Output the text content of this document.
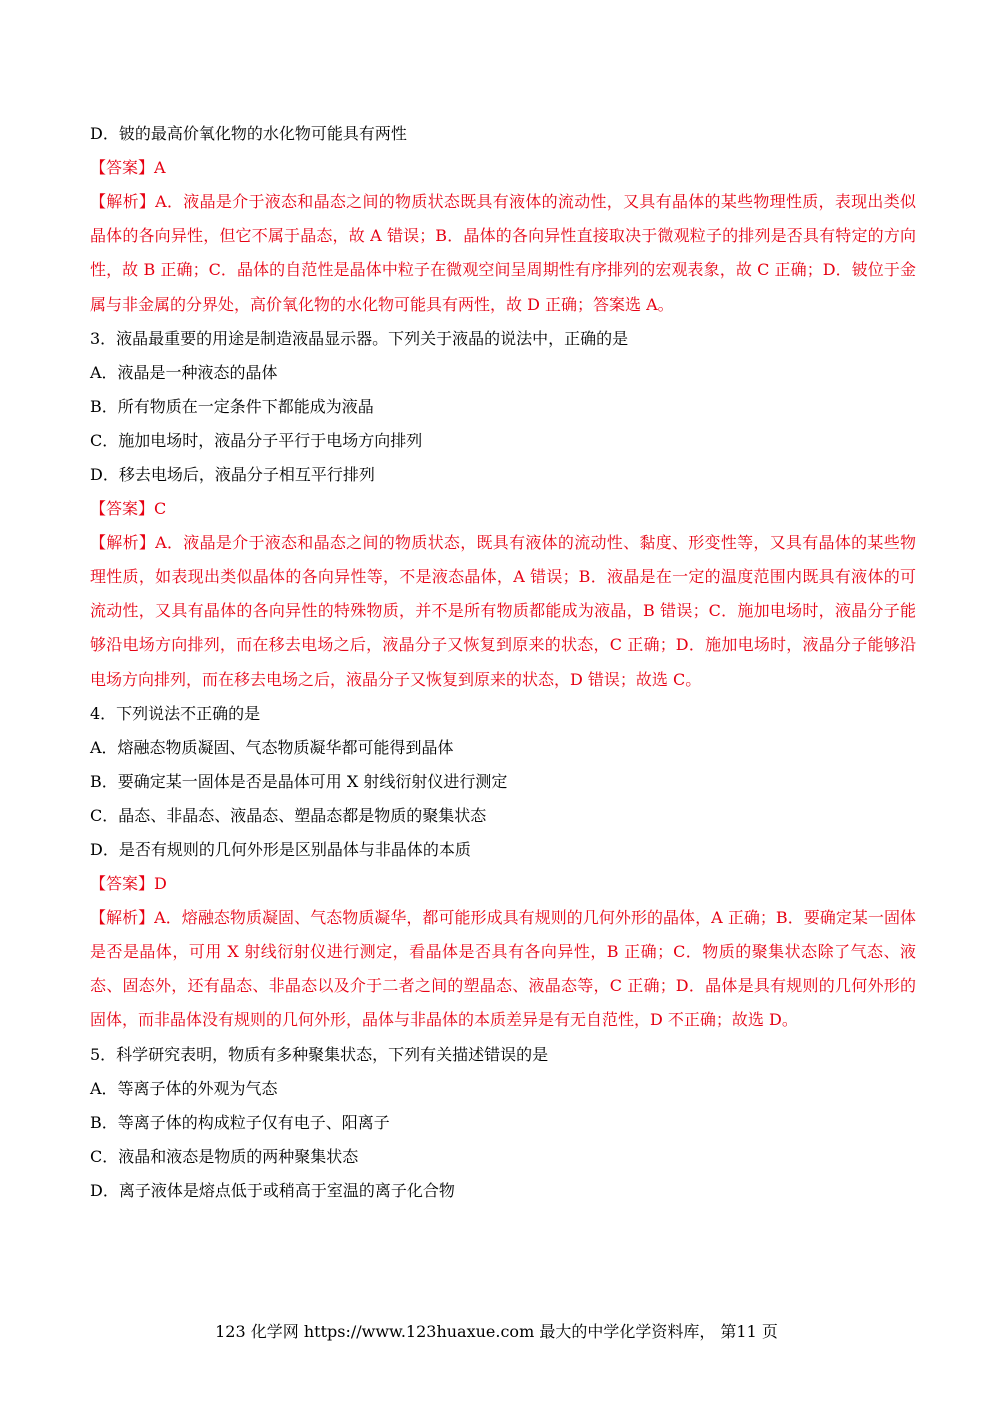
D．铍的最高价氧化物的水化物可能具有两性
【答案】A
【解析】A．液晶是介于液态和晶态之间的物质状态既具有液体的流动性，又具有晶体的某些物理性质，表现出类似晶体的各向异性，但它不属于晶态，故 A 错误；B．晶体的各向异性直接取决于微观粒子的排列是否具有特定的方向性，故 B 正确；C．晶体的自范性是晶体中粒子在微观空间呈周期性有序排列的宏观表象，故 C 正确；D．铍位于金属与非金属的分界处，高价氧化物的水化物可能具有两性，故 D 正确；答案选 A。
3．液晶最重要的用途是制造液晶显示器。下列关于液晶的说法中，正确的是
A．液晶是一种液态的晶体
B．所有物质在一定条件下都能成为液晶
C．施加电场时，液晶分子平行于电场方向排列
D．移去电场后，液晶分子相互平行排列
【答案】C
【解析】A．液晶是介于液态和晶态之间的物质状态，既具有液体的流动性、黏度、形变性等，又具有晶体的某些物理性质，如表现出类似晶体的各向异性等，不是液态晶体，A 错误；B．液晶是在一定的温度范围内既具有液体的可流动性，又具有晶体的各向异性的特殊物质，并不是所有物质都能成为液晶，B 错误；C．施加电场时，液晶分子能够沿电场方向排列，而在移去电场之后，液晶分子又恢复到原来的状态，C 正确；D．施加电场时，液晶分子能够沿电场方向排列，而在移去电场之后，液晶分子又恢复到原来的状态，D 错误；故选 C。
4．下列说法不正确的是
A．熔融态物质凝固、气态物质凝华都可能得到晶体
B．要确定某一固体是否是晶体可用 X 射线衍射仪进行测定
C．晶态、非晶态、液晶态、塑晶态都是物质的聚集状态
D．是否有规则的几何外形是区别晶体与非晶体的本质
【答案】D
【解析】A．熔融态物质凝固、气态物质凝华，都可能形成具有规则的几何外形的晶体，A 正确；B．要确定某一固体是否是晶体，可用 X 射线衍射仪进行测定，看晶体是否具有各向异性，B 正确；C．物质的聚集状态除了气态、液态、固态外，还有晶态、非晶态以及介于二者之间的塑晶态、液晶态等，C 正确；D．晶体是具有规则的几何外形的固体，而非晶体没有规则的几何外形，晶体与非晶体的本质差异是有无自范性，D 不正确；故选 D。
5．科学研究表明，物质有多种聚集状态，下列有关描述错误的是
A．等离子体的外观为气态
B．等离子体的构成粒子仅有电子、阳离子
C．液晶和液态是物质的两种聚集状态
D．离子液体是熔点低于或稍高于室温的离子化合物
123 化学网 https://www.123huaxue.com 最大的中学化学资料库， 第11 页
